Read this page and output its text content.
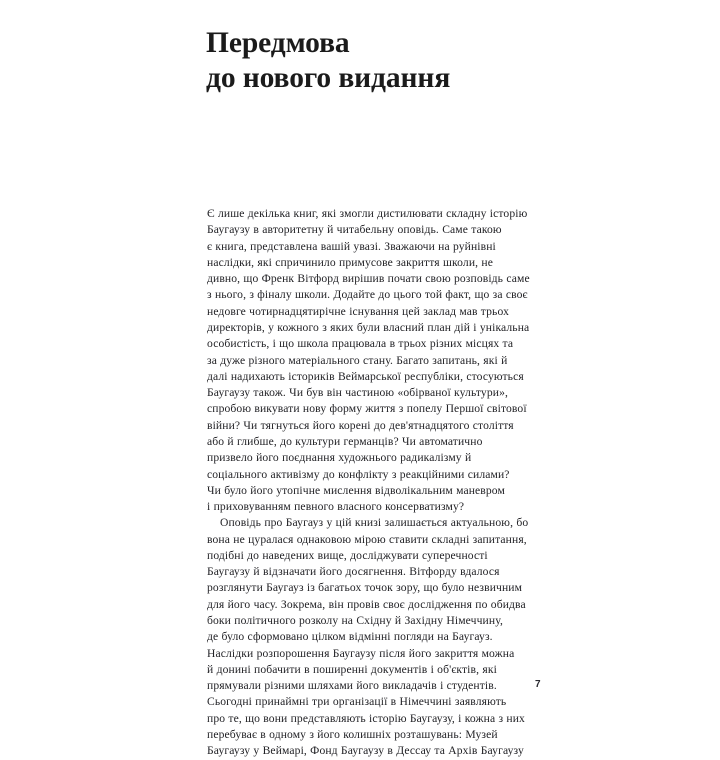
Передмова
до нового видання

Є лише декілька книг, які змогли дистилювати складну історію
Баугаузу в авторитетну й читабельну оповідь. Саме такою
є книга, представлена вашій увазі. Зважаючи на руйнівні
наслідки, які спричинило примусове закриття школи, не
дивно, що Френк Вітфорд вирішив почати свою розповідь саме
з нього, з фіналу школи. Додайте до цього той факт, що за своє
недовге чотирнадцятирічне існування цей заклад мав трьох
директорів, у кожного з яких були власний план дій і унікальна
особистість, і що школа працювала в трьох різних місцях та
за дуже різного матеріального стану. Багато запитань, які й
далі надихають істориків Веймарської республіки, стосуються
Баугаузу також. Чи був він частиною «обірваної культури»,
спробою викувати нову форму життя з попелу Першої світової
війни? Чи тягнуться його корені до дев'ятнадцятого століття
або й глибше, до культури германців? Чи автоматично
призвело його поєднання художнього радикалізму й
соціального активізму до конфлікту з реакційними силами?
Чи було його утопічне мислення відволікальним маневром
і приховуванням певного власного консерватизму?

Оповідь про Баугауз у цій книзі залишається актуальною, бо
вона не цуралася однаковою мірою ставити складні запитання,
подібні до наведених вище, досліджувати суперечності
Баугаузу й відзначати його досягнення. Вітфорду вдалося
розглянути Баугауз із багатьох точок зору, що було незвичним
для його часу. Зокрема, він провів своє дослідження по обидва
боки політичного розколу на Східну й Західну Німеччину,
де було сформовано цілком відмінні погляди на Баугауз.
Наслідки розпорошення Баугаузу після його закриття можна
й донині побачити в поширенні документів і об'єктів, які
прямували різними шляхами його викладачів і студентів.
Сьогодні принаймні три організації в Німеччині заявляють
про те, що вони представляють історію Баугаузу, і кожна з них
перебуває в одному з його колишніх розташувань: Музей
Баугаузу у Веймарі, Фонд Баугаузу в Дессау та Архів Баугаузу

7
